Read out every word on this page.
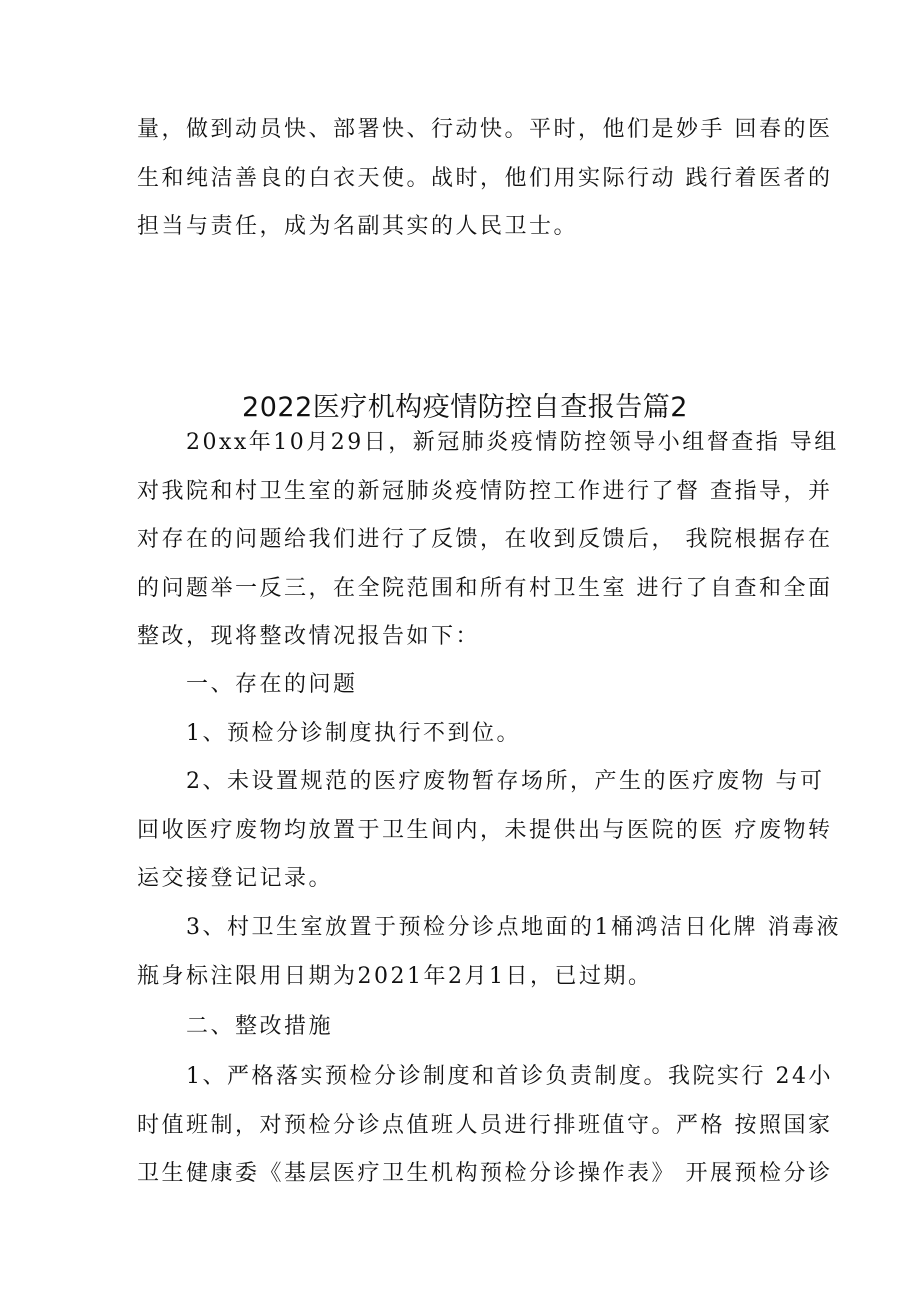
量，做到动员快、部署快、行动快。平时，他们是妙手 回春的医
生和纯洁善良的白衣天使。战时，他们用实际行动 践行着医者的
担当与责任，成为名副其实的人民卫士。
2022医疗机构疫情防控自查报告篇2
20xx年10月29日，新冠肺炎疫情防控领导小组督查指 导组
对我院和村卫生室的新冠肺炎疫情防控工作进行了督 查指导，并
对存在的问题给我们进行了反馈，在收到反馈后， 我院根据存在
的问题举一反三，在全院范围和所有村卫生室 进行了自查和全面
整改，现将整改情况报告如下：
一、存在的问题
1、预检分诊制度执行不到位。
2、未设置规范的医疗废物暂存场所，产生的医疗废物 与可
回收医疗废物均放置于卫生间内，未提供出与医院的医 疗废物转
运交接登记记录。
3、村卫生室放置于预检分诊点地面的1桶鸿洁日化牌 消毒液
瓶身标注限用日期为2021年2月1日，已过期。
二、整改措施
1、严格落实预检分诊制度和首诊负责制度。我院实行 24小
时值班制，对预检分诊点值班人员进行排班值守。严格 按照国家
卫生健康委《基层医疗卫生机构预检分诊操作表》 开展预检分诊
